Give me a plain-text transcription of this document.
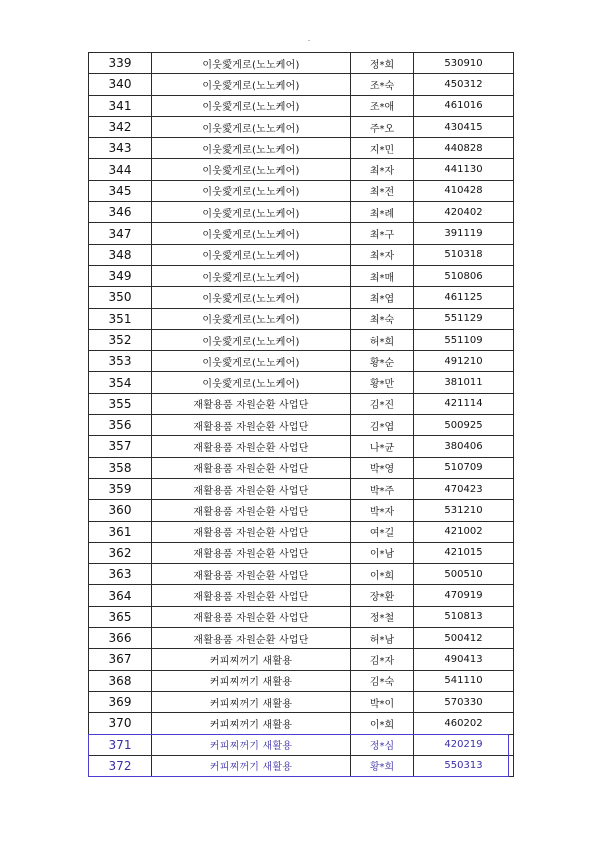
339	이웃愛게로(노노케어)	정*희	530910
340	이웃愛게로(노노케어)	조*숙	450312
341	이웃愛게로(노노케어)	조*애	461016
342	이웃愛게로(노노케어)	주*오	430415
343	이웃愛게로(노노케어)	지*민	440828
344	이웃愛게로(노노케어)	최*자	441130
345	이웃愛게로(노노케어)	최*전	410428
346	이웃愛게로(노노케어)	최*례	420402
347	이웃愛게로(노노케어)	최*구	391119
348	이웃愛게로(노노케어)	최*자	510318
349	이웃愛게로(노노케어)	최*매	510806
350	이웃愛게로(노노케어)	최*엽	461125
351	이웃愛게로(노노케어)	최*숙	551129
352	이웃愛게로(노노케어)	허*희	551109
353	이웃愛게로(노노케어)	황*순	491210
354	이웃愛게로(노노케어)	황*만	381011
355	재활용품 자원순환 사업단	김*진	421114
356	재활용품 자원순환 사업단	김*엽	500925
357	재활용품 자원순환 사업단	나*균	380406
358	재활용품 자원순환 사업단	박*영	510709
359	재활용품 자원순환 사업단	박*주	470423
360	재활용품 자원순환 사업단	박*자	531210
361	재활용품 자원순환 사업단	여*길	421002
362	재활용품 자원순환 사업단	이*남	421015
363	재활용품 자원순환 사업단	이*희	500510
364	재활용품 자원순환 사업단	장*환	470919
365	재활용품 자원순환 사업단	정*철	510813
366	재활용품 자원순환 사업단	허*남	500412
367	커피찌꺼기 새활용	김*자	490413
368	커피찌꺼기 새활용	김*숙	541110
369	커피찌꺼기 새활용	박*이	570330
370	커피찌꺼기 새활용	이*희	460202
371	커피찌꺼기 새활용	정*심	420219
372	커피찌꺼기 새활용	황*희	550313
